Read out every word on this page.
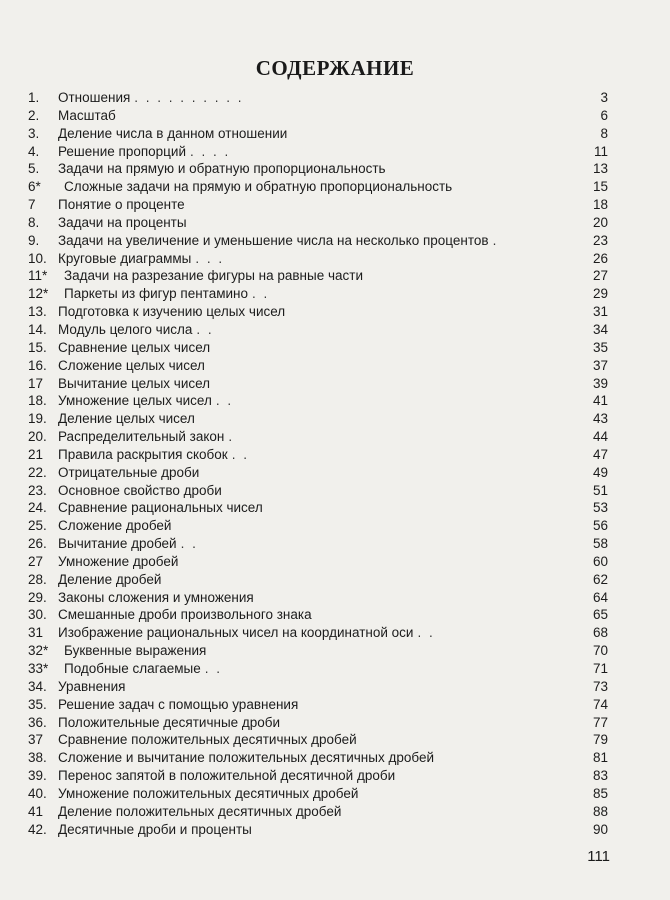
СОДЕРЖАНИЕ
1. Отношения . . . . . . . . . .	3
2. Масштаб	6
3. Деление числа в данном отношении	8
4. Решение пропорций . . . .	11
5. Задачи на прямую и обратную пропорциональность	13
6* Сложные задачи на прямую и обратную пропорциональность	15
7 Понятие о проценте	18
8. Задачи на проценты	20
9. Задачи на увеличение и уменьшение числа на несколько процентов .	23
10. Круговые диаграммы . . .	26
11* Задачи на разрезание фигуры на равные части	27
12* Паркеты из фигур пентамино . .	29
13. Подготовка к изучению целых чисел	31
14. Модуль целого числа . .	34
15. Сравнение целых чисел	35
16. Сложение целых чисел	37
17 Вычитание целых чисел	39
18. Умножение целых чисел . .	41
19. Деление целых чисел	43
20. Распределительный закон .	44
21 Правила раскрытия скобок . .	47
22. Отрицательные дроби	49
23. Основное свойство дроби	51
24. Сравнение рациональных чисел	53
25. Сложение дробей	56
26. Вычитание дробей . .	58
27 Умножение дробей	60
28. Деление дробей	62
29. Законы сложения и умножения	64
30. Смешанные дроби произвольного знака	65
31 Изображение рациональных чисел на координатной оси . .	68
32* Буквенные выражения	70
33* Подобные слагаемые . .	71
34. Уравнения	73
35. Решение задач с помощью уравнения	74
36. Положительные десятичные дроби	77
37 Сравнение положительных десятичных дробей	79
38. Сложение и вычитание положительных десятичных дробей	81
39. Перенос запятой в положительной десятичной дроби	83
40. Умножение положительных десятичных дробей	85
41 Деление положительных десятичных дробей	88
42. Десятичные дроби и проценты	90
111
